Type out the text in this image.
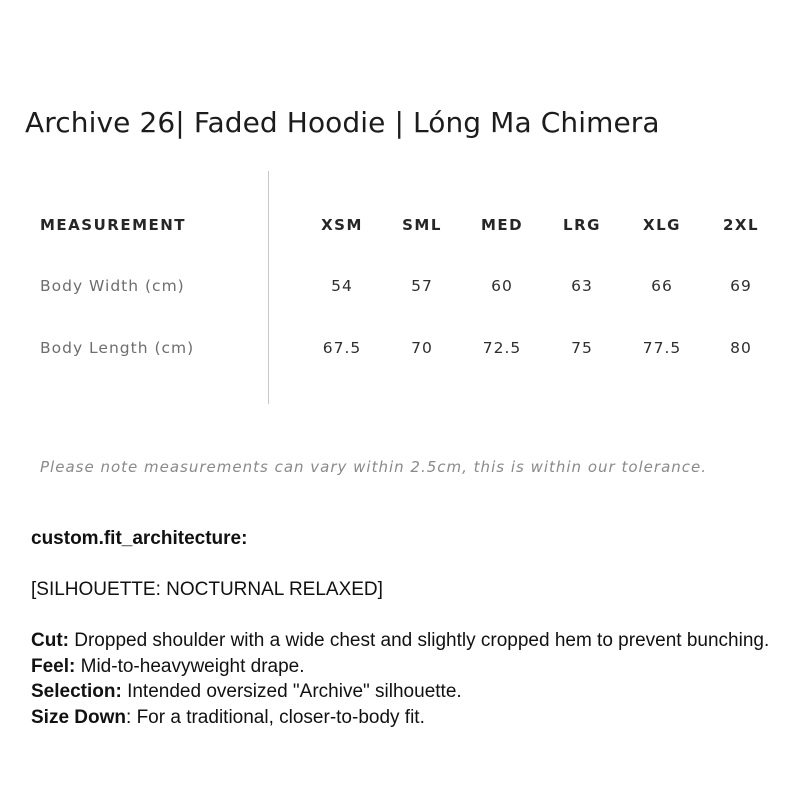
Archive 26| Faded Hoodie | Lóng Ma Chimera
MEASUREMENT	XSM	SML	MED	LRG	XLG	2XL
Body Width (cm)	54	57	60	63	66	69
Body Length (cm)	67.5	70	72.5	75	77.5	80
Please note measurements can vary within 2.5cm, this is within our tolerance.

custom.fit_architecture:

[SILHOUETTE: NOCTURNAL RELAXED]

Cut: Dropped shoulder with a wide chest and slightly cropped hem to prevent bunching.

Feel: Mid-to-heavyweight drape.

Selection: Intended oversized "Archive" silhouette.

Size Down: For a traditional, closer-to-body fit.
